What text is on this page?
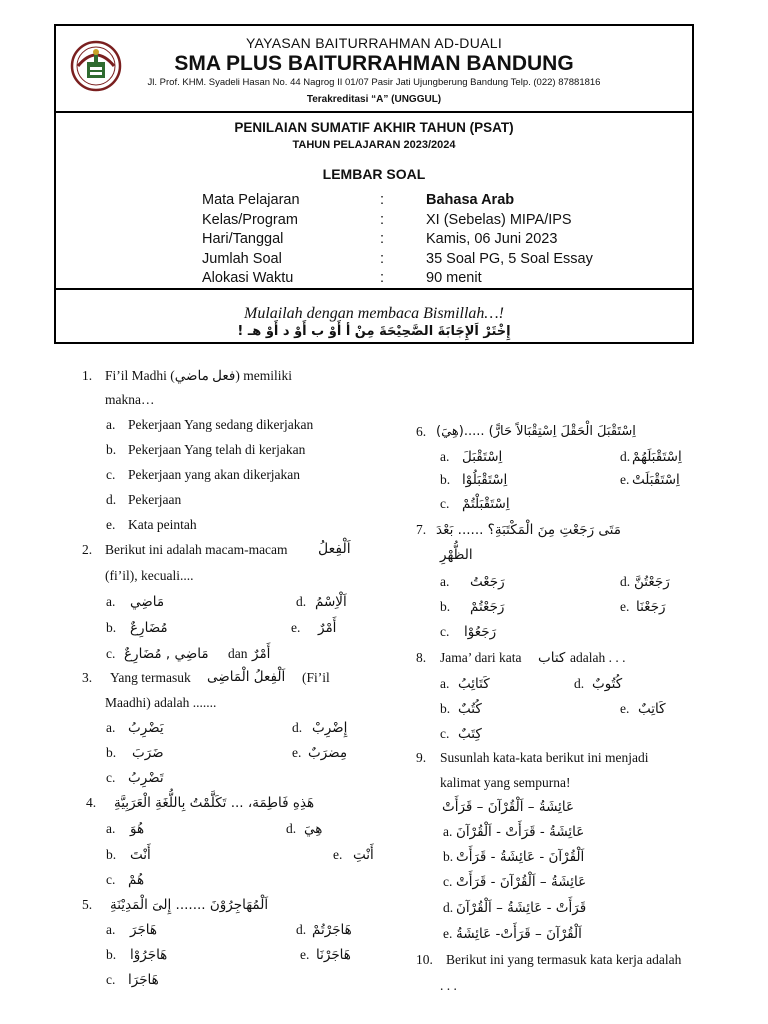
YAYASAN BAITURRAHMAN AD-DUALI
SMA PLUS BAITURRAHMAN BANDUNG
Jl. Prof. KHM. Syadeli Hasan No. 44 Nagrog II 01/07 Pasir Jati Ujungberung Bandung Telp. (022) 87881816
Terakreditasi “A” (UNGGUL)
PENILAIAN SUMATIF AKHIR TAHUN (PSAT)
TAHUN PELAJARAN 2023/2024
LEMBAR SOAL
Mata Pelajaran	:	Bahasa Arab
Kelas/Program	:	XI (Sebelas) MIPA/IPS
Hari/Tanggal	:	Kamis, 06 Juni 2023
Jumlah Soal	:	35 Soal PG, 5 Soal Essay
Alokasi Waktu	:	90 menit
Mulailah dengan membaca Bismillah…!
إِخْتَرْ اَلإِجَابَةَ الصَّحِيْحَةَ مِنْ أ أَوْ ب أَوْ د أَوْ هـ !
1. Fi’il Madhi (فعل ماضي) memiliki
makna…
a. Pekerjaan Yang sedang dikerjakan
b. Pekerjaan Yang telah di kerjakan
c. Pekerjaan yang akan dikerjakan
d. Pekerjaan
e. Kata peintah
2. Berikut ini adalah macam-macam اَلْفِعلُ
(fi’il), kecuali....
a. مَاضِي	d. اَلْاِسْمُ
b. مُضَارِعٌ	e. أَمْرٌ
c. مَاضِي , مُضَارِعٌ dan أَمْرٌ
3. Yang termasuk اَلْفِعلُ الْمَاضِى (Fi’il
Maadhi) adalah .......
a. يَضْرِبُ	d. إِضْرِبْ
b. ضَرَبَ	e. مِضرَبٌ
c. تَضْرِبُ
4. هَذِهِ فَاطِمَة، ... تَكَلَّمْتُ بِاللُّغَةِ الْعَرَبِيَّةِ
a. هُوَ	d. هِيَ
b. أَنْتَ	e. أَنْتِ
c. هُمْ
5. اَلْمُهَاجِرُوْنَ ....... إِلىَ الْمَدِيْنَةِ
a. هَاجَرَ	d. هَاجَرْتُمْ
b. هَاجَرُوْا	e. هَاجَرْنَا
c. هَاجَرَا
6. اِسْتَقْبَلَ الْحَقْلَ اِسْتِقْبَالاً حَارًّ) .....(هِيَ)
a. اِسْتَقْبَلَ	d. اِسْتَقْبَلَهُمْ
b. اِسْتَقْبَلُوْا	e. اِسْتَقْبَلَتْ
c. اِسْتَقْبَلْتُمْ
7. مَتَى رَجَعْتِ مِنَ الْمَكْتَبَةِ؟ ...... بَعْدَ
الظُّهْرِ
a. رَجَعْتُ	d. رَجَعْتُنَّ
b. رَجَعْتُمْ	e. رَجَعْنَا
c. رَجَعُوْا
8. Jama’ dari kata كتاب adalah . . .
a. كَتَائِبُ	d. كُتُوبٌ
b. كُتُبٌ	e. كَاتِبٌ
c. كِتَبٌ
9. Susunlah kata-kata berikut ini menjadi
kalimat yang sempurna!
عَائِشَةُ – اَلْقُرْآنَ – قَرَأَتْ
a. عَائِشَةُ - قَرَأَتْ - اَلْقُرْآنَ
b. اَلْقُرْآنَ - عَائِشَةُ - قَرَأَتْ
c. عَائِشَةُ – اَلْقُرْآنَ - قَرَأَتْ
d. قَرَأَتْ - عَائِشَةُ – اَلْقُرْآنَ
e. اَلْقُرْآنَ – قَرَأَتْ- عَائِشَةُ
10. Berikut ini yang termasuk kata kerja adalah
. . .
